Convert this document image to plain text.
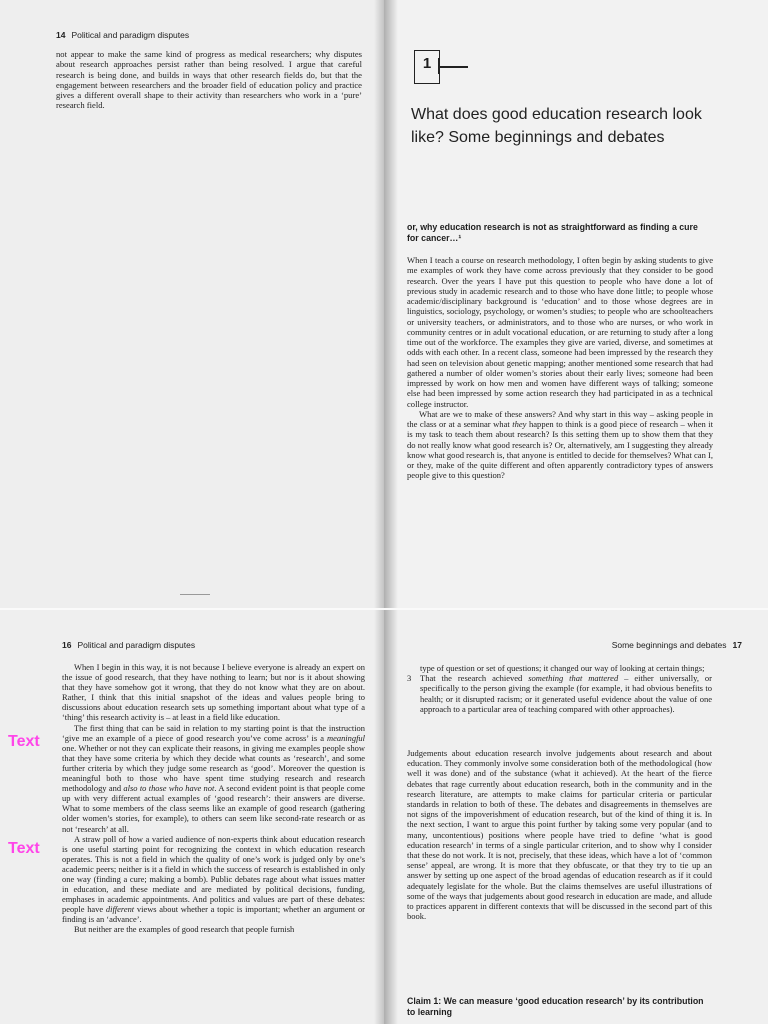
14 Political and paradigm disputes

not appear to make the same kind of progress as medical researchers; why disputes about research approaches persist rather than being resolved. I argue that careful research is being done, and builds in ways that other research fields do, but that the engagement between researchers and the broader field of education policy and practice gives a different overall shape to their activity than researchers who work in a ‘pure’ research field.

1
What does good education research look like? Some beginnings and debates
or, why education research is not as straightforward as finding a cure for cancer…¹

When I teach a course on research methodology, I often begin by asking students to give me examples of work they have come across previously that they consider to be good research. Over the years I have put this question to people who have done a lot of previous study in academic research and to those who have done little; to people whose academic/disciplinary background is ‘education’ and to those whose degrees are in linguistics, sociology, psychology, or women’s studies; to people who are schoolteachers or university teachers, or administrators, and to those who are nurses, or who work in community centres or in adult vocational education, or are returning to study after a long time out of the workforce. The examples they give are varied, diverse, and sometimes at odds with each other. In a recent class, someone had been impressed by the research they had seen on television about genetic mapping; another mentioned some research that had gathered a number of older women’s stories about their early lives; someone had been impressed by work on how men and women have different ways of talking; someone else had been impressed by some action research they had participated in as a technical college instructor.

What are we to make of these answers? And why start in this way – asking people in the class or at a seminar what they happen to think is a good piece of research – when it is my task to teach them about research? Is this setting them up to show them that they do not really know what good research is? Or, alternatively, am I suggesting they already know what good research is, that anyone is entitled to decide for themselves? What can I, or they, make of the quite different and often apparently contradictory types of answers people give to this question?

16 Political and paradigm disputes

When I begin in this way, it is not because I believe everyone is already an expert on the issue of good research, that they have nothing to learn; but nor is it about showing that they have somehow got it wrong, that they do not know what they are on about. Rather, I think that this initial snapshot of the ideas and values people bring to discussions about education research sets up something important about what type of a ‘thing’ this research activity is – at least in a field like education.

The first thing that can be said in relation to my starting point is that the instruction ‘give me an example of a piece of good research you’ve come across’ is a meaningful one. Whether or not they can explicate their reasons, in giving me examples people show that they have some criteria by which they decide what counts as ‘research’, and some further criteria by which they judge some research as ‘good’. Moreover the question is meaningful both to those who have spent time studying research and research methodology and also to those who have not. A second evident point is that people come up with very different actual examples of ‘good research’: their answers are diverse. What to some members of the class seems like an example of good research (gathering older women’s stories, for example), to others can seem like second-rate research or as not ‘research’ at all.

A straw poll of how a varied audience of non-experts think about education research is one useful starting point for recognizing the context in which education research operates. This is not a field in which the quality of one’s work is judged only by one’s academic peers; neither is it a field in which the success of research is established in only one way (finding a cure; making a bomb). Public debates rage about what issues matter in education, and these mediate and are mediated by political decisions, funding, emphases in academic appointments. And politics and values are part of these debates: people have different views about whether a topic is important; whether an argument or finding is an ‘advance’.

But neither are the examples of good research that people furnish

Text
Text
Some beginnings and debates 17
type of question or set of questions; it changed our way of looking at certain things;
3 That the research achieved something that mattered – either universally, or specifically to the person giving the example (for example, it had obvious benefits to health; or it disrupted racism; or it generated useful evidence about the value of one approach to a particular area of teaching compared with other approaches).

Judgements about education research involve judgements about research and about education. They commonly involve some consideration both of the methodological (how well it was done) and of the substance (what it achieved). At the heart of the fierce debates that rage currently about education research, both in the community and in the research literature, are attempts to make claims for particular criteria or particular standards in relation to both of these. The debates and disagreements in themselves are not signs of the impoverishment of education research, but of the kind of thing it is. In the next section, I want to argue this point further by taking some very popular (and to many, uncontentious) positions where people have tried to define ‘what is good education research’ in terms of a single particular criterion, and to show why I consider that these do not work. It is not, precisely, that these ideas, which have a lot of ‘common sense’ appeal, are wrong. It is more that they obfuscate, or that they try to tie up an answer by setting up one aspect of the broad agendas of education research as if it could adequately legislate for the whole. But the claims themselves are useful illustrations of some of the ways that judgements about good research in education are made, and allude to practices apparent in different contexts that will be discussed in the second part of this book.

Claim 1: We can measure ‘good education research’ by its contribution to learning
